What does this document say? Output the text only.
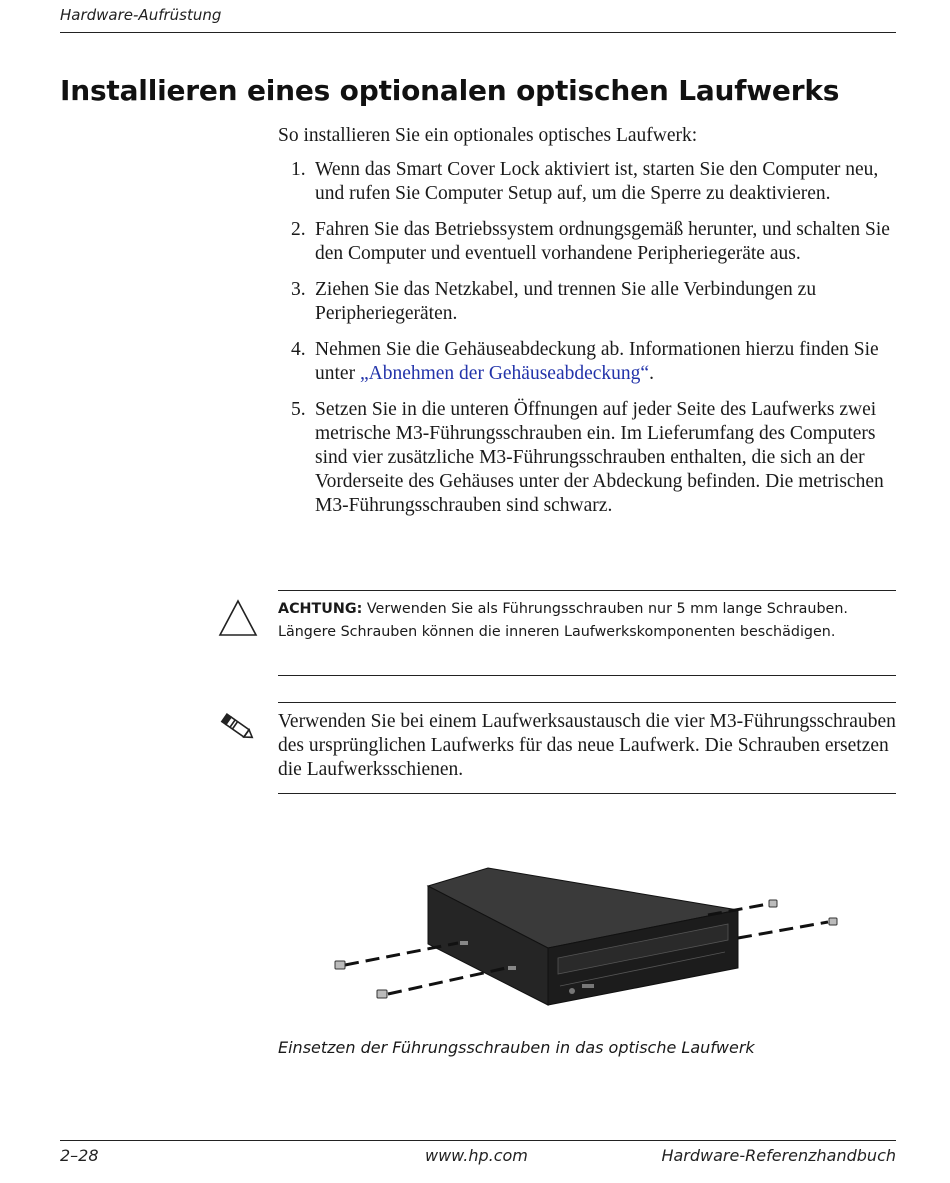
Hardware-Aufrüstung
Installieren eines optionalen optischen Laufwerks

So installieren Sie ein optionales optisches Laufwerk:

1. Wenn das Smart Cover Lock aktiviert ist, starten Sie den Computer neu, und rufen Sie Computer Setup auf, um die Sperre zu deaktivieren.
2. Fahren Sie das Betriebssystem ordnungsgemäß herunter, und schalten Sie den Computer und eventuell vorhandene Peripheriegeräte aus.
3. Ziehen Sie das Netzkabel, und trennen Sie alle Verbindungen zu Peripheriegeräten.
4. Nehmen Sie die Gehäuseabdeckung ab. Informationen hierzu finden Sie unter „Abnehmen der Gehäuseabdeckung“.
5. Setzen Sie in die unteren Öffnungen auf jeder Seite des Laufwerks zwei metrische M3-Führungsschrauben ein. Im Lieferumfang des Computers sind vier zusätzliche M3-Führungsschrauben enthalten, die sich an der Vorderseite des Gehäuses unter der Abdeckung befinden. Die metrischen M3-Führungsschrauben sind schwarz.
ACHTUNG: Verwenden Sie als Führungsschrauben nur 5 mm lange Schrauben. Längere Schrauben können die inneren Laufwerkskomponenten beschädigen.
Verwenden Sie bei einem Laufwerksaustausch die vier M3-Führungsschrauben des ursprünglichen Laufwerks für das neue Laufwerk. Die Schrauben ersetzen die Laufwerksschienen.
Einsetzen der Führungsschrauben in das optische Laufwerk
2–28	www.hp.com	Hardware-Referenzhandbuch
